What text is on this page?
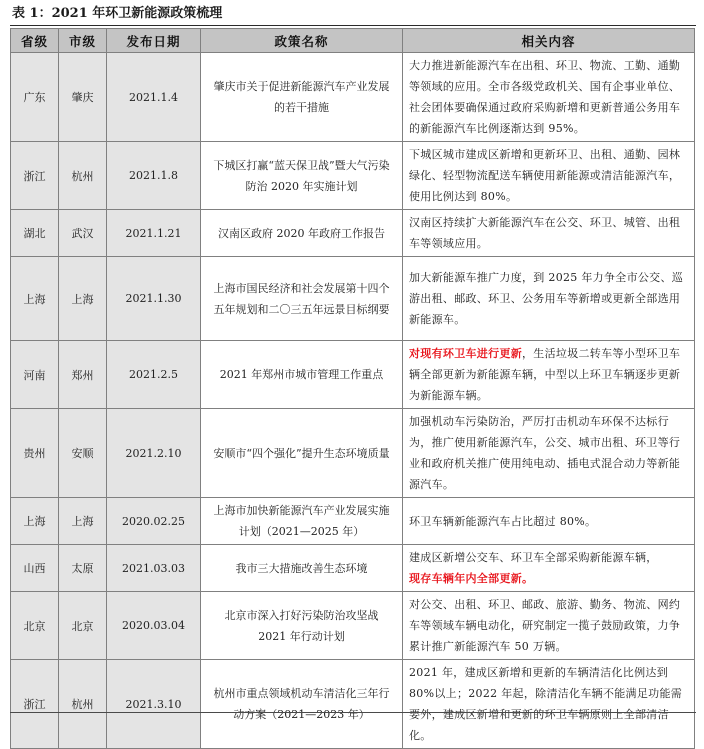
表 1：2021 年环卫新能源政策梳理
省级	市级	发布日期	政策名称	相关内容
广东	肇庆	2021.1.4	肇庆市关于促进新能源汽车产业发展的若干措施	大力推进新能源汽车在出租、环卫、物流、工勤、通勤等领域的应用。全市各级党政机关、国有企事业单位、社会团体要确保通过政府采购新增和更新普通公务用车的新能源汽车比例逐渐达到 95%。
浙江	杭州	2021.1.8	下城区打赢“蓝天保卫战”暨大气污染防治 2020 年实施计划	下城区城市建成区新增和更新环卫、出租、通勤、园林绿化、轻型物流配送车辆使用新能源或清洁能源汽车，使用比例达到 80%。
湖北	武汉	2021.1.21	汉南区政府 2020 年政府工作报告	汉南区持续扩大新能源汽车在公交、环卫、城管、出租车等领域应用。
上海	上海	2021.1.30	上海市国民经济和社会发展第十四个五年规划和二〇三五年远景目标纲要	加大新能源车推广力度，到 2025 年力争全市公交、巡游出租、邮政、环卫、公务用车等新增或更新全部选用新能源车。
河南	郑州	2021.2.5	2021 年郑州市城市管理工作重点	对现有环卫车进行更新，生活垃圾二转车等小型环卫车辆全部更新为新能源车辆，中型以上环卫车辆逐步更新为新能源车辆。
贵州	安顺	2021.2.10	安顺市“四个强化”提升生态环境质量	加强机动车污染防治，严厉打击机动车环保不达标行为，推广使用新能源汽车，公交、城市出租、环卫等行业和政府机关推广使用纯电动、插电式混合动力等新能源汽车。
上海	上海	2020.02.25	上海市加快新能源汽车产业发展实施计划（2021—2025 年）	环卫车辆新能源汽车占比超过 80%。
山西	太原	2021.03.03	我市三大措施改善生态环境	建成区新增公交车、环卫车全部采购新能源车辆，
现存车辆年内全部更新。
北京	北京	2020.03.04	北京市深入打好污染防治攻坚战 2021 年行动计划	对公交、出租、环卫、邮政、旅游、勤务、物流、网约车等领域车辆电动化，研究制定一揽子鼓励政策，力争累计推广新能源汽车 50 万辆。
浙江	杭州	2021.3.10	杭州市重点领域机动车清洁化三年行动方案（2021—2023 年）	2021 年，建成区新增和更新的车辆清洁化比例达到 80%以上；2022 年起，除清洁化车辆不能满足功能需要外，建成区新增和更新的环卫车辆原则上全部清洁化。
